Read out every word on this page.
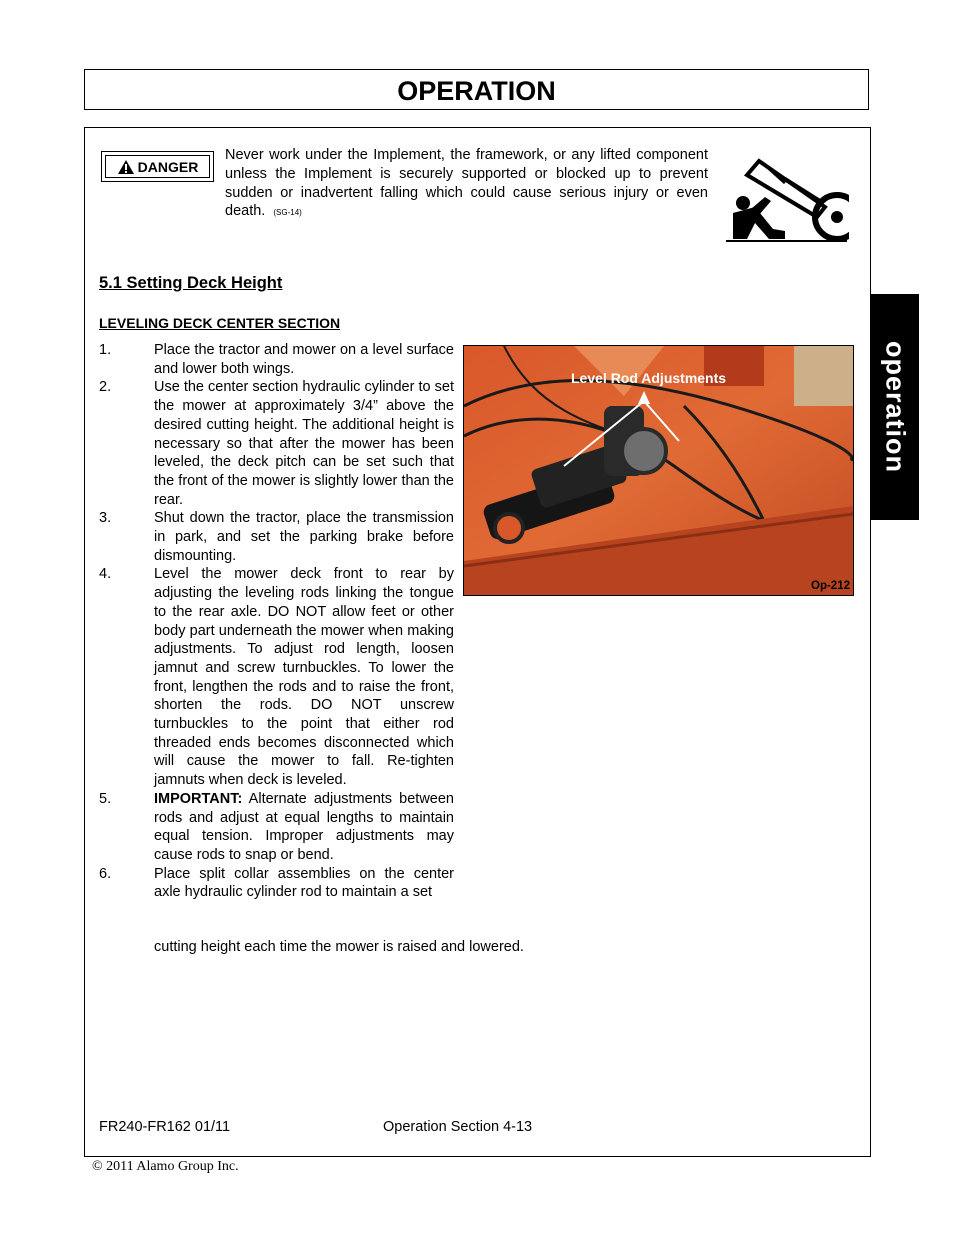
OPERATION
operation
DANGER
Never work under the Implement, the framework, or any lifted component unless the Implement is securely supported or blocked up to prevent sudden or inadvertent falling which could cause serious injury or even death. (SG-14)
5.1 Setting Deck Height
LEVELING DECK CENTER SECTION
1.	Place the tractor and mower on a level surface and lower both wings.
2.	Use the center section hydraulic cylinder to set the mower at approximately 3/4” above the desired cutting height. The additional height is necessary so that after the mower has been leveled, the deck pitch can be set such that the front of the mower is slightly lower than the rear.
3.	Shut down the tractor, place the transmission in park, and set the parking brake before dismounting.
4.	Level the mower deck front to rear by adjusting the leveling rods linking the tongue to the rear axle. DO NOT allow feet or other body part underneath the mower when making adjustments. To adjust rod length, loosen jamnut and screw turnbuckles. To lower the front, lengthen the rods and to raise the front, shorten the rods. DO NOT unscrew turnbuckles to the point that either rod threaded ends becomes disconnected which will cause the mower to fall. Re-tighten jamnuts when deck is leveled.
5.	IMPORTANT: Alternate adjustments between rods and adjust at equal lengths to maintain equal tension. Improper adjustments may cause rods to snap or bend.
6.	Place split collar assemblies on the center axle hydraulic cylinder rod to maintain a set
cutting height each time the mower is raised and lowered.
Level Rod Adjustments
Op-212
FR240-FR162 01/11	Operation Section 4-13
© 2011 Alamo Group Inc.
